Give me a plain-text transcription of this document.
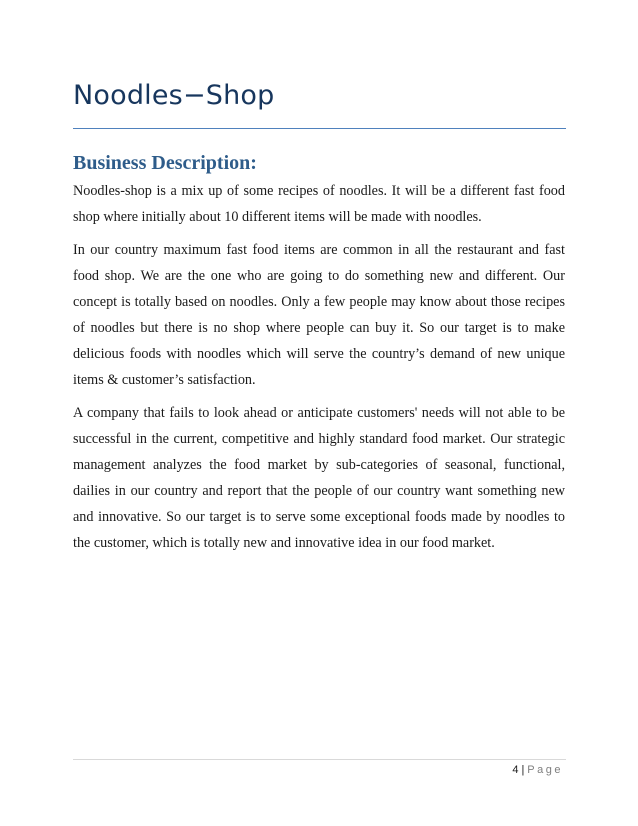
Noodles−Shop
Business Description:

Noodles-shop is a mix up of some recipes of noodles. It will be a different fast food shop where initially about 10 different items will be made with noodles.

In our country maximum fast food items are common in all the restaurant and fast food shop. We are the one who are going to do something new and different. Our concept is totally based on noodles. Only a few people may know about those recipes of noodles but there is no shop where people can buy it. So our target is to make delicious foods with noodles which will serve the country’s demand of new unique items & customer’s satisfaction.

A company that fails to look ahead or anticipate customers' needs will not able to be successful in the current, competitive and highly standard food market. Our strategic management analyzes the food market by sub-categories of seasonal, functional, dailies in our country and report that the people of our country want something new and innovative. So our target is to serve some exceptional foods made by noodles to the customer, which is totally new and innovative idea in our food market.

4 | Page
